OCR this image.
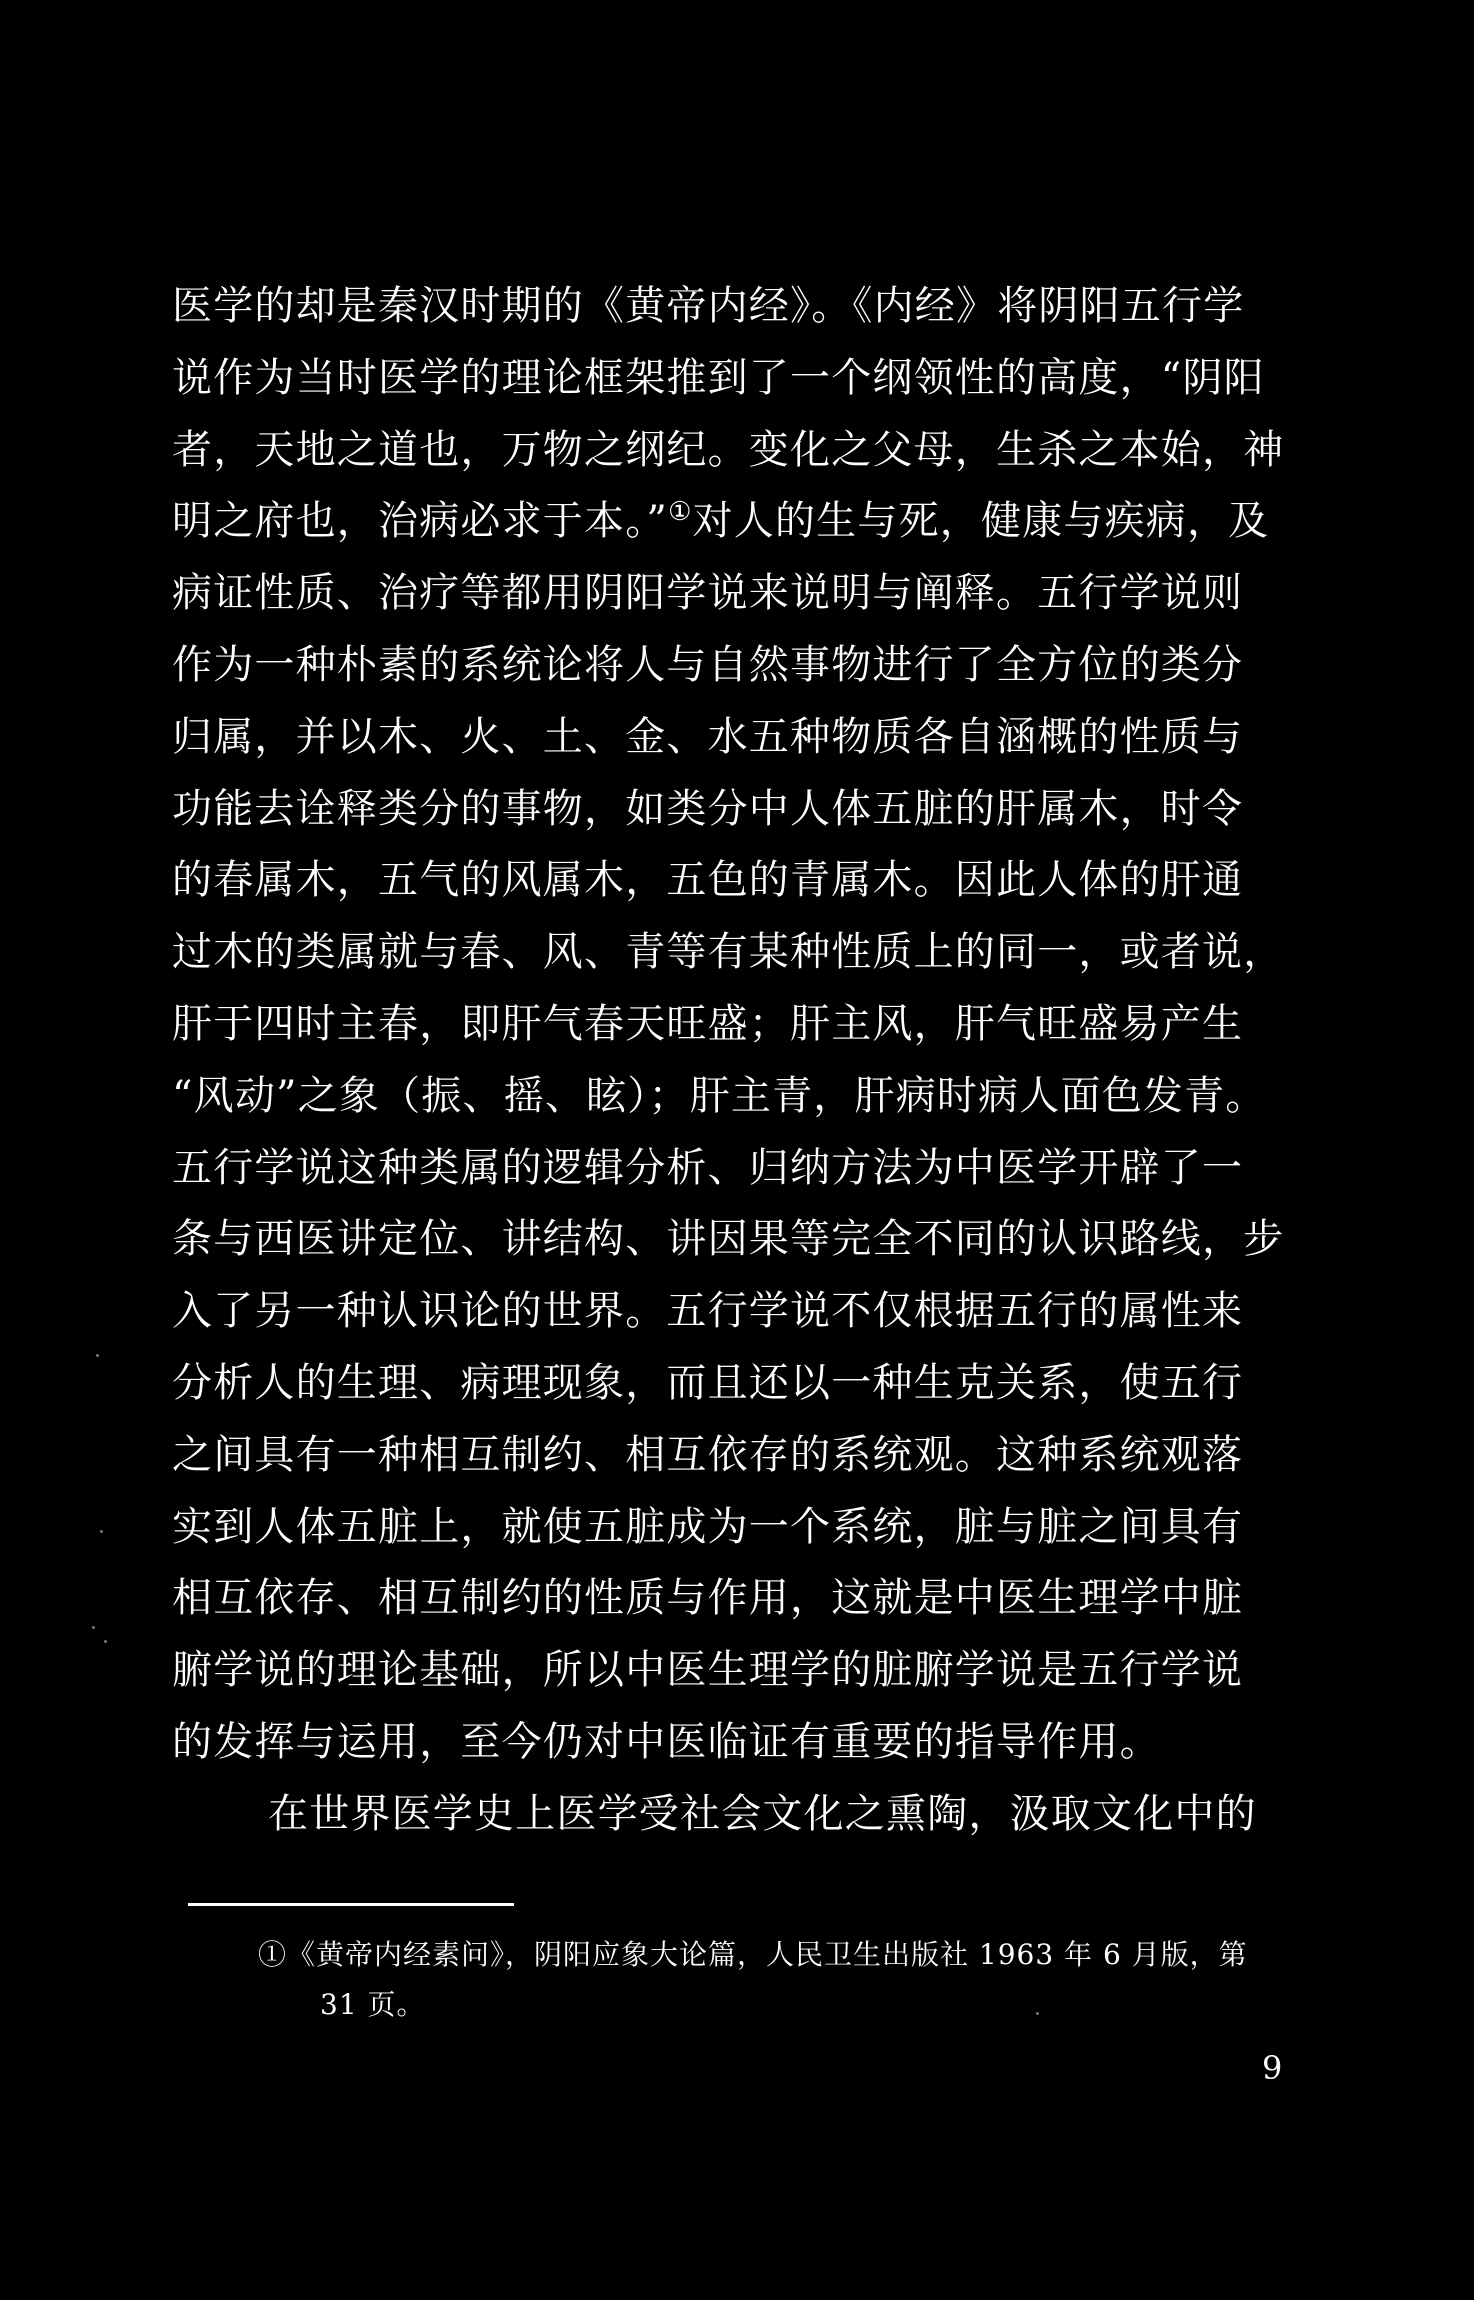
医学的却是秦汉时期的《黄帝内经》。《内经》将阴阳五行学
说作为当时医学的理论框架推到了一个纲领性的高度，“阴阳
者，天地之道也，万物之纲纪。变化之父母，生杀之本始，神
明之府也，治病必求于本。”①对人的生与死，健康与疾病，及
病证性质、治疗等都用阴阳学说来说明与阐释。五行学说则
作为一种朴素的系统论将人与自然事物进行了全方位的类分
归属，并以木、火、土、金、水五种物质各自涵概的性质与
功能去诠释类分的事物，如类分中人体五脏的肝属木，时令
的春属木，五气的风属木，五色的青属木。因此人体的肝通
过木的类属就与春、风、青等有某种性质上的同一，或者说，
肝于四时主春，即肝气春天旺盛；肝主风，肝气旺盛易产生
“风动”之象（振、摇、眩）；肝主青，肝病时病人面色发青。
五行学说这种类属的逻辑分析、归纳方法为中医学开辟了一
条与西医讲定位、讲结构、讲因果等完全不同的认识路线，步
入了另一种认识论的世界。五行学说不仅根据五行的属性来
分析人的生理、病理现象，而且还以一种生克关系，使五行
之间具有一种相互制约、相互依存的系统观。这种系统观落
实到人体五脏上，就使五脏成为一个系统，脏与脏之间具有
相互依存、相互制约的性质与作用，这就是中医生理学中脏
腑学说的理论基础，所以中医生理学的脏腑学说是五行学说
的发挥与运用，至今仍对中医临证有重要的指导作用。
在世界医学史上医学受社会文化之熏陶，汲取文化中的
①《黄帝内经素问》，阴阳应象大论篇，人民卫生出版社 1963 年 6 月版，第
31 页。
9
